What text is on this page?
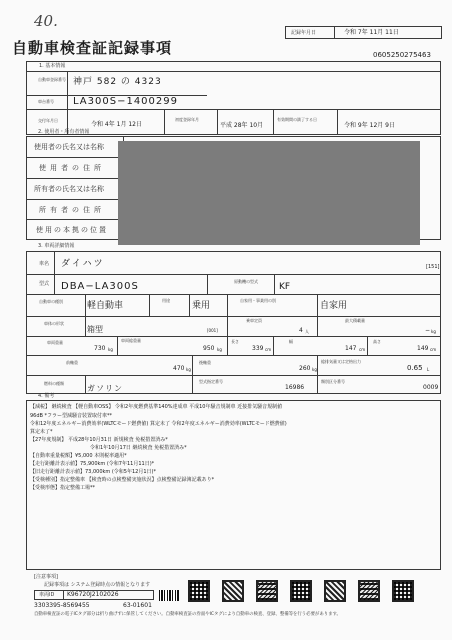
40.
記録年月日	令和 7年 11月 11日
自動車検査証記録事項	0605250275463
1. 基本情報
自動車登録番号 神戸 582 の 4323
車台番号 LA300S−1400299
交付年月日
令和 4年 1月 12日
初度登録年月
平成 28年 10月
有効期間の満了する日
令和 9年 12月 9日
2. 使用者・所有者情報
使用者の氏名又は名称
使用者の住所
所有者の氏名又は名称
所有者の住所
使用の本拠の位置
3. 車両詳細情報
車名 ダイハツ	[151]
型式 DBA−LA300S	原動機の型式
KF
自動車の種別	軽自動車
用途
乗用
自家用・事業用の別
自家用
車体の形状
箱型	[001]
乗車定員
4 人
最大積載量
− kg
車両重量
730 kg
車両総重量
950 kg
長さ
339 cm
幅
147 cm
高さ
149 cm
前軸重
470 kg
後軸重
260 kg
総排気量又は定格出力
0.65 L
燃料の種類
ガソリン
型式指定番号
16986
類別区分番号
0009
4. 備考
【減税】 継続検査 【軽自動車OSS】 令和2年度燃費基準140%達成車 平成10年騒音規制車 近接排気騒音規制値
96dB *フラー型減騒音装置取付車**
令和12年度エネルギー消費効率(WLTCモード燃費値) 算定未了 令和2年度エネルギー消費効率(WLTCモード燃費値)
算定未了*
【27年度規制】 平成28年10月31日 新規検査 免税措置済み*
令和1年10月17日 継続検査 免税措置済み*
【自動車重量税額】¥5,000 本則税率適用*
【走行距離計表示値】75,900km (令和7年11月11日)*
【旧走行距離計表示値】73,000km (令和5年12月1日)*
【受検種別】指定整備車 【検査時の点検整備実施状況】点検整備記録簿記載あり*
【受検形態】指定整備工場**
[注意事項]
記録事項は システム登録時点の情報となります
車両ID K96720J2102026
3303395-8569455	63-01601
自動車検査証の電子ICタグ部分は折り曲げずに保管してください。自動車検査証の券面やICタグにより自動車の検査、登録、整備等を行う必要があります。
